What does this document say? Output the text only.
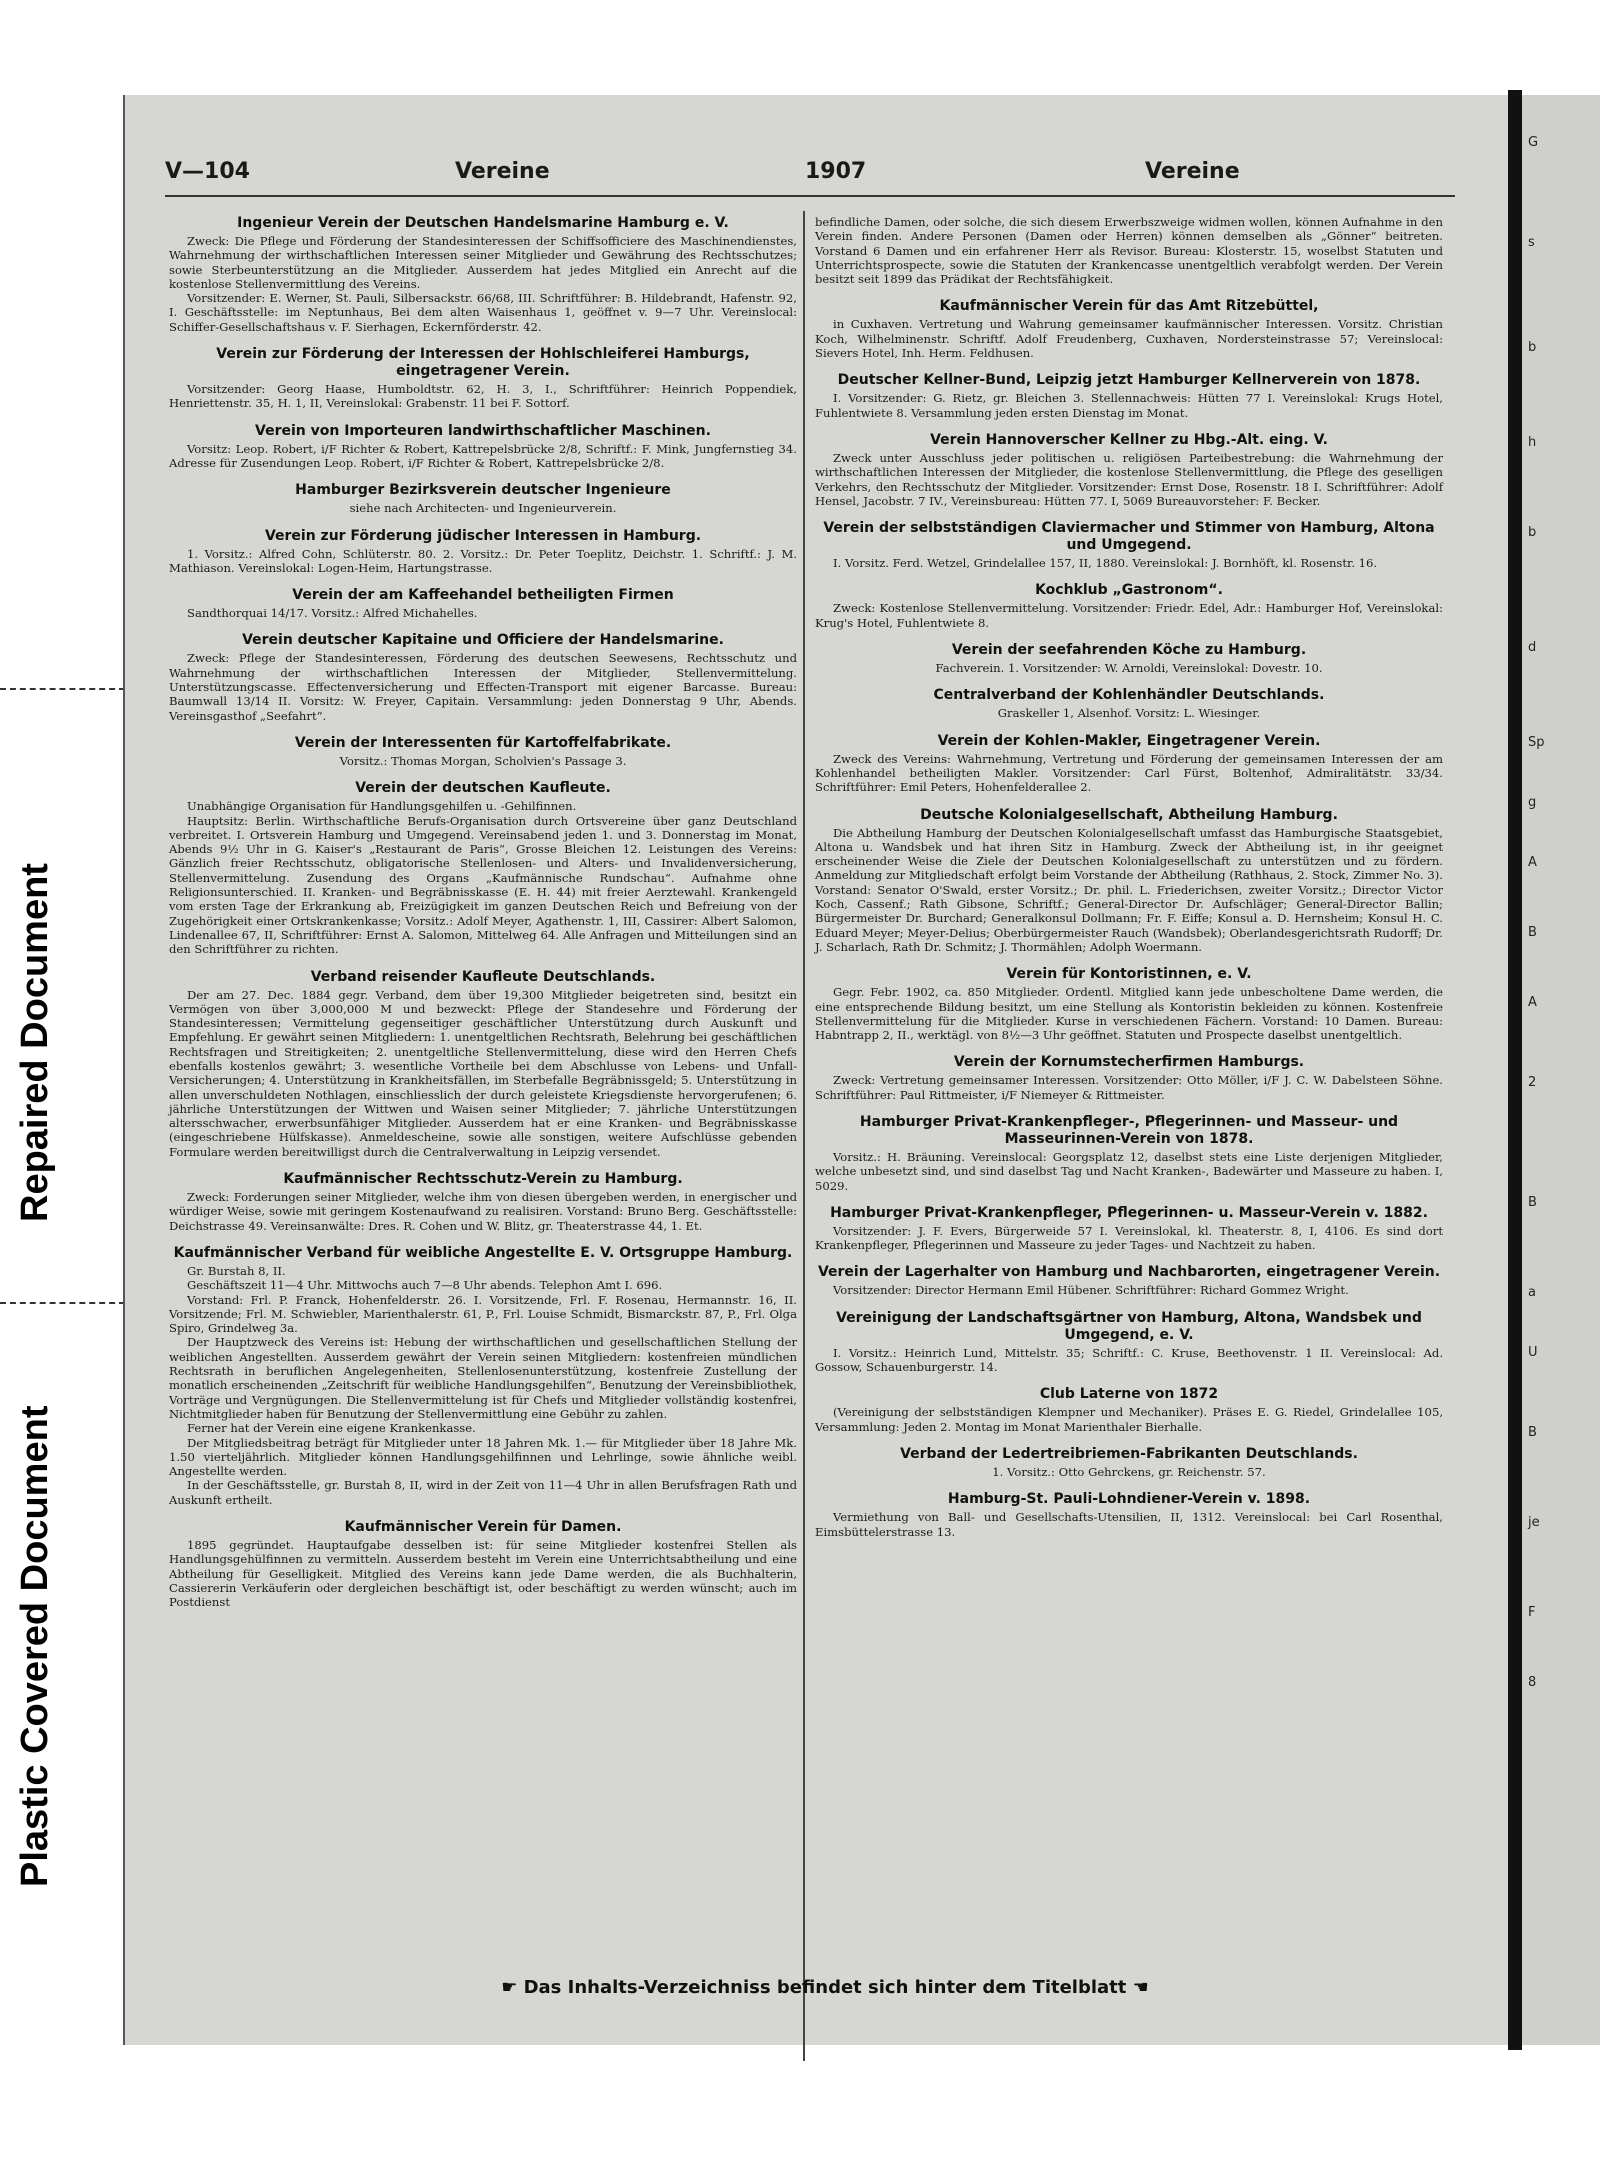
Repaired Document
Plastic Covered Document
V—104	Vereine	1907	Vereine
Ingenieur Verein der Deutschen Handelsmarine Hamburg e. V.

Zweck: Die Pflege und Förderung der Standesinteressen der Schiffsofficiere des Maschinendienstes, Wahrnehmung der wirthschaftlichen Interessen seiner Mitglieder und Gewährung des Rechtsschutzes; sowie Sterbeunterstützung an die Mitglieder. Ausserdem hat jedes Mitglied ein Anrecht auf die kostenlose Stellenvermittlung des Vereins.

Vorsitzender: E. Werner, St. Pauli, Silbersackstr. 66/68, III. Schriftführer: B. Hildebrandt, Hafenstr. 92, I. Geschäftsstelle: im Neptunhaus, Bei dem alten Waisenhaus 1, geöffnet v. 9—7 Uhr. Vereinslocal: Schiffer-Gesellschaftshaus v. F. Sierhagen, Eckernförderstr. 42.

Verein zur Förderung der Interessen der Hohlschleiferei Hamburgs, eingetragener Verein.

Vorsitzender: Georg Haase, Humboldtstr. 62, H. 3, I., Schriftführer: Heinrich Poppendiek, Henriettenstr. 35, H. 1, II, Vereinslokal: Grabenstr. 11 bei F. Sottorf.

Verein von Importeuren landwirthschaftlicher Maschinen.

Vorsitz: Leop. Robert, i/F Richter & Robert, Kattrepelsbrücke 2/8, Schriftf.: F. Mink, Jungfernstieg 34. Adresse für Zusendungen Leop. Robert, i/F Richter & Robert, Kattrepelsbrücke 2/8.

Hamburger Bezirksverein deutscher Ingenieure

siehe nach Architecten- und Ingenieurverein.

Verein zur Förderung jüdischer Interessen in Hamburg.

1. Vorsitz.: Alfred Cohn, Schlüterstr. 80. 2. Vorsitz.: Dr. Peter Toeplitz, Deichstr. 1. Schriftf.: J. M. Mathiason. Vereinslokal: Logen-Heim, Hartungstrasse.

Verein der am Kaffeehandel betheiligten Firmen

Sandthorquai 14/17. Vorsitz.: Alfred Michahelles.

Verein deutscher Kapitaine und Officiere der Handelsmarine.

Zweck: Pflege der Standesinteressen, Förderung des deutschen Seewesens, Rechtsschutz und Wahrnehmung der wirthschaftlichen Interessen der Mitglieder, Stellenvermittelung. Unterstützungscasse. Effectenversicherung und Effecten-Transport mit eigener Barcasse. Bureau: Baumwall 13/14 II. Vorsitz: W. Freyer, Capitain. Versammlung: jeden Donnerstag 9 Uhr, Abends. Vereinsgasthof „Seefahrt“.

Verein der Interessenten für Kartoffelfabrikate.

Vorsitz.: Thomas Morgan, Scholvien's Passage 3.

Verein der deutschen Kaufleute.

Unabhängige Organisation für Handlungsgehilfen u. -Gehilfinnen.

Hauptsitz: Berlin. Wirthschaftliche Berufs-Organisation durch Ortsvereine über ganz Deutschland verbreitet. I. Ortsverein Hamburg und Umgegend. Vereinsabend jeden 1. und 3. Donnerstag im Monat, Abends 9½ Uhr in G. Kaiser's „Restaurant de Paris“, Grosse Bleichen 12. Leistungen des Vereins: Gänzlich freier Rechtsschutz, obligatorische Stellenlosen- und Alters- und Invalidenversicherung, Stellenvermittelung. Zusendung des Organs „Kaufmännische Rundschau“. Aufnahme ohne Religionsunterschied. II. Kranken- und Begräbnisskasse (E. H. 44) mit freier Aerztewahl. Krankengeld vom ersten Tage der Erkrankung ab, Freizügigkeit im ganzen Deutschen Reich und Befreiung von der Zugehörigkeit einer Ortskrankenkasse; Vorsitz.: Adolf Meyer, Agathenstr. 1, III, Cassirer: Albert Salomon, Lindenallee 67, II, Schriftführer: Ernst A. Salomon, Mittelweg 64. Alle Anfragen und Mitteilungen sind an den Schriftführer zu richten.

Verband reisender Kaufleute Deutschlands.

Der am 27. Dec. 1884 gegr. Verband, dem über 19,300 Mitglieder beigetreten sind, besitzt ein Vermögen von über 3,000,000 M und bezweckt: Pflege der Standesehre und Förderung der Standesinteressen; Vermittelung gegenseitiger geschäftlicher Unterstützung durch Auskunft und Empfehlung. Er gewährt seinen Mitgliedern: 1. unentgeltlichen Rechtsrath, Belehrung bei geschäftlichen Rechtsfragen und Streitigkeiten; 2. unentgeltliche Stellenvermittelung, diese wird den Herren Chefs ebenfalls kostenlos gewährt; 3. wesentliche Vortheile bei dem Abschlusse von Lebens- und Unfall-Versicherungen; 4. Unterstützung in Krankheitsfällen, im Sterbefalle Begräbnissgeld; 5. Unterstützung in allen unverschuldeten Nothlagen, einschliesslich der durch geleistete Kriegsdienste hervorgerufenen; 6. jährliche Unterstützungen der Wittwen und Waisen seiner Mitglieder; 7. jährliche Unterstützungen altersschwacher, erwerbsunfähiger Mitglieder. Ausserdem hat er eine Kranken- und Begräbnisskasse (eingeschriebene Hülfskasse). Anmeldescheine, sowie alle sonstigen, weitere Aufschlüsse gebenden Formulare werden bereitwilligst durch die Centralverwaltung in Leipzig versendet.

Kaufmännischer Rechtsschutz-Verein zu Hamburg.

Zweck: Forderungen seiner Mitglieder, welche ihm von diesen übergeben werden, in energischer und würdiger Weise, sowie mit geringem Kostenaufwand zu realisiren. Vorstand: Bruno Berg. Geschäftsstelle: Deichstrasse 49. Vereinsanwälte: Dres. R. Cohen und W. Blitz, gr. Theaterstrasse 44, 1. Et.

Kaufmännischer Verband für weibliche Angestellte E. V. Ortsgruppe Hamburg.

Gr. Burstah 8, II.

Geschäftszeit 11—4 Uhr. Mittwochs auch 7—8 Uhr abends. Telephon Amt I. 696.

Vorstand: Frl. P. Franck, Hohenfelderstr. 26. I. Vorsitzende, Frl. F. Rosenau, Hermannstr. 16, II. Vorsitzende; Frl. M. Schwiebler, Marienthalerstr. 61, P., Frl. Louise Schmidt, Bismarckstr. 87, P., Frl. Olga Spiro, Grindelweg 3a.

Der Hauptzweck des Vereins ist: Hebung der wirthschaftlichen und gesellschaftlichen Stellung der weiblichen Angestellten. Ausserdem gewährt der Verein seinen Mitgliedern: kostenfreien mündlichen Rechtsrath in beruflichen Angelegenheiten, Stellenlosenunterstützung, kostenfreie Zustellung der monatlich erscheinenden „Zeitschrift für weibliche Handlungsgehilfen“, Benutzung der Vereinsbibliothek, Vorträge und Vergnügungen. Die Stellenvermittelung ist für Chefs und Mitglieder vollständig kostenfrei, Nichtmitglieder haben für Benutzung der Stellenvermittlung eine Gebühr zu zahlen.

Ferner hat der Verein eine eigene Krankenkasse.

Der Mitgliedsbeitrag beträgt für Mitglieder unter 18 Jahren Mk. 1.— für Mitglieder über 18 Jahre Mk. 1.50 vierteljährlich. Mitglieder können Handlungsgehilfinnen und Lehrlinge, sowie ähnliche weibl. Angestellte werden.

In der Geschäftsstelle, gr. Burstah 8, II, wird in der Zeit von 11—4 Uhr in allen Berufsfragen Rath und Auskunft ertheilt.

Kaufmännischer Verein für Damen.

1895 gegründet. Hauptaufgabe desselben ist: für seine Mitglieder kostenfrei Stellen als Handlungsgehülfinnen zu vermitteln. Ausserdem besteht im Verein eine Unterrichtsabtheilung und eine Abtheilung für Geselligkeit. Mitglied des Vereins kann jede Dame werden, die als Buchhalterin, Cassiererin Verkäuferin oder dergleichen beschäftigt ist, oder beschäftigt zu werden wünscht; auch im Postdienst

befindliche Damen, oder solche, die sich diesem Erwerbszweige widmen wollen, können Aufnahme in den Verein finden. Andere Personen (Damen oder Herren) können demselben als „Gönner“ beitreten. Vorstand 6 Damen und ein erfahrener Herr als Revisor. Bureau: Klosterstr. 15, woselbst Statuten und Unterrichtsprospecte, sowie die Statuten der Krankencasse unentgeltlich verabfolgt werden. Der Verein besitzt seit 1899 das Prädikat der Rechtsfähigkeit.

Kaufmännischer Verein für das Amt Ritzebüttel,

in Cuxhaven. Vertretung und Wahrung gemeinsamer kaufmännischer Interessen. Vorsitz. Christian Koch, Wilhelminenstr. Schriftf. Adolf Freudenberg, Cuxhaven, Nordersteinstrasse 57; Vereinslocal: Sievers Hotel, Inh. Herm. Feldhusen.

Deutscher Kellner-Bund, Leipzig jetzt Hamburger Kellnerverein von 1878.

I. Vorsitzender: G. Rietz, gr. Bleichen 3. Stellennachweis: Hütten 77 I. Vereinslokal: Krugs Hotel, Fuhlentwiete 8. Versammlung jeden ersten Dienstag im Monat.

Verein Hannoverscher Kellner zu Hbg.-Alt. eing. V.

Zweck unter Ausschluss jeder politischen u. religiösen Parteibestrebung: die Wahrnehmung der wirthschaftlichen Interessen der Mitglieder, die kostenlose Stellenvermittlung, die Pflege des geselligen Verkehrs, den Rechtsschutz der Mitglieder. Vorsitzender: Ernst Dose, Rosenstr. 18 I. Schriftführer: Adolf Hensel, Jacobstr. 7 IV., Vereinsbureau: Hütten 77. I, 5069 Bureauvorsteher: F. Becker.

Verein der selbstständigen Claviermacher und Stimmer von Hamburg, Altona und Umgegend.

I. Vorsitz. Ferd. Wetzel, Grindelallee 157, II, 1880. Vereinslokal: J. Bornhöft, kl. Rosenstr. 16.

Kochklub „Gastronom“.

Zweck: Kostenlose Stellenvermittelung. Vorsitzender: Friedr. Edel, Adr.: Hamburger Hof, Vereinslokal: Krug's Hotel, Fuhlentwiete 8.

Verein der seefahrenden Köche zu Hamburg.

Fachverein. 1. Vorsitzender: W. Arnoldi, Vereinslokal: Dovestr. 10.

Centralverband der Kohlenhändler Deutschlands.

Graskeller 1, Alsenhof. Vorsitz: L. Wiesinger.

Verein der Kohlen-Makler, Eingetragener Verein.

Zweck des Vereins: Wahrnehmung, Vertretung und Förderung der gemeinsamen Interessen der am Kohlenhandel betheiligten Makler. Vorsitzender: Carl Fürst, Boltenhof, Admiralitätstr. 33/34. Schriftführer: Emil Peters, Hohenfelderallee 2.

Deutsche Kolonialgesellschaft, Abtheilung Hamburg.

Die Abtheilung Hamburg der Deutschen Kolonialgesellschaft umfasst das Hamburgische Staatsgebiet, Altona u. Wandsbek und hat ihren Sitz in Hamburg. Zweck der Abtheilung ist, in ihr geeignet erscheinender Weise die Ziele der Deutschen Kolonialgesellschaft zu unterstützen und zu fördern. Anmeldung zur Mitgliedschaft erfolgt beim Vorstande der Abtheilung (Rathhaus, 2. Stock, Zimmer No. 3). Vorstand: Senator O'Swald, erster Vorsitz.; Dr. phil. L. Friederichsen, zweiter Vorsitz.; Director Victor Koch, Cassenf.; Rath Gibsone, Schriftf.; General-Director Dr. Aufschläger; General-Director Ballin; Bürgermeister Dr. Burchard; Generalkonsul Dollmann; Fr. F. Eiffe; Konsul a. D. Hernsheim; Konsul H. C. Eduard Meyer; Meyer-Delius; Oberbürgermeister Rauch (Wandsbek); Oberlandesgerichtsrath Rudorff; Dr. J. Scharlach, Rath Dr. Schmitz; J. Thormählen; Adolph Woermann.

Verein für Kontoristinnen, e. V.

Gegr. Febr. 1902, ca. 850 Mitglieder. Ordentl. Mitglied kann jede unbescholtene Dame werden, die eine entsprechende Bildung besitzt, um eine Stellung als Kontoristin bekleiden zu können. Kostenfreie Stellenvermittelung für die Mitglieder. Kurse in verschiedenen Fächern. Vorstand: 10 Damen. Bureau: Habntrapp 2, II., werktägl. von 8½—3 Uhr geöffnet. Statuten und Prospecte daselbst unentgeltlich.

Verein der Kornumstecherfirmen Hamburgs.

Zweck: Vertretung gemeinsamer Interessen. Vorsitzender: Otto Möller, i/F J. C. W. Dabelsteen Söhne. Schriftführer: Paul Rittmeister, i/F Niemeyer & Rittmeister.

Hamburger Privat-Krankenpfleger-, Pflegerinnen- und Masseur- und Masseurinnen-Verein von 1878.

Vorsitz.: H. Bräuning. Vereinslocal: Georgsplatz 12, daselbst stets eine Liste derjenigen Mitglieder, welche unbesetzt sind, und sind daselbst Tag und Nacht Kranken-, Badewärter und Masseure zu haben. I, 5029.

Hamburger Privat-Krankenpfleger, Pflegerinnen- u. Masseur-Verein v. 1882.

Vorsitzender: J. F. Evers, Bürgerweide 57 I. Vereinslokal, kl. Theaterstr. 8, I, 4106. Es sind dort Krankenpfleger, Pflegerinnen und Masseure zu jeder Tages- und Nachtzeit zu haben.

Verein der Lagerhalter von Hamburg und Nachbarorten, eingetragener Verein.

Vorsitzender: Director Hermann Emil Hübener. Schriftführer: Richard Gommez Wright.

Vereinigung der Landschaftsgärtner von Hamburg, Altona, Wandsbek und Umgegend, e. V.

I. Vorsitz.: Heinrich Lund, Mittelstr. 35; Schriftf.: C. Kruse, Beethovenstr. 1 II. Vereinslocal: Ad. Gossow, Schauenburgerstr. 14.

Club Laterne von 1872

(Vereinigung der selbstständigen Klempner und Mechaniker). Präses E. G. Riedel, Grindelallee 105, Versammlung: Jeden 2. Montag im Monat Marienthaler Bierhalle.

Verband der Ledertreibriemen-Fabrikanten Deutschlands.

1. Vorsitz.: Otto Gehrckens, gr. Reichenstr. 57.

Hamburg-St. Pauli-Lohndiener-Verein v. 1898.

Vermiethung von Ball- und Gesellschafts-Utensilien, II, 1312. Vereinslocal: bei Carl Rosenthal, Eimsbüttelerstrasse 13.

☛ Das Inhalts-Verzeichniss befindet sich hinter dem Titelblatt ☚
G
s
b
h
b
d
Sp
g
A
B
A
2
B
a
U
B
je
F
8
